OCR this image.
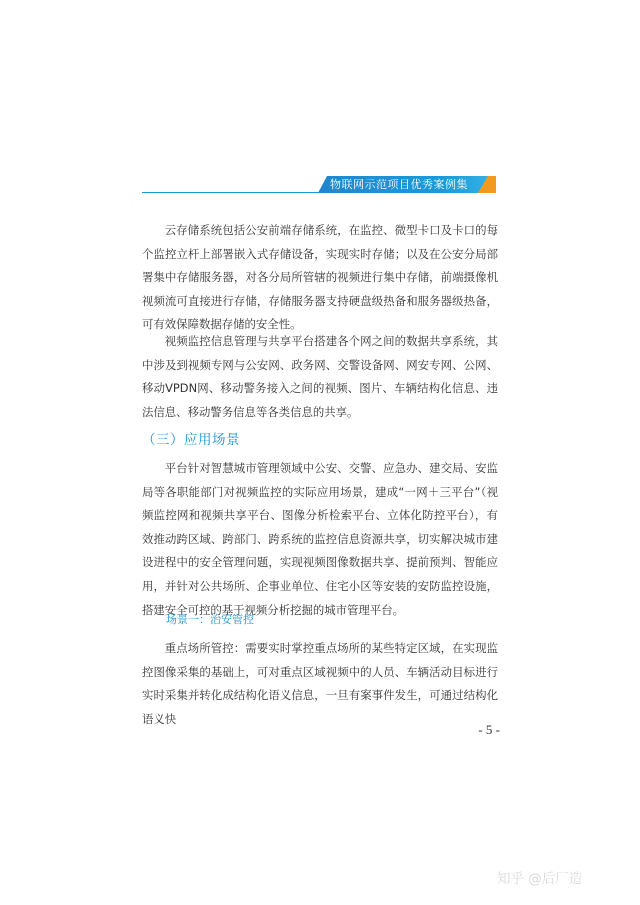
物联网示范项目优秀案例集

云存储系统包括公安前端存储系统，在监控、微型卡口及卡口的每个监控立杆上部署嵌入式存储设备，实现实时存储；以及在公安分局部署集中存储服务器，对各分局所管辖的视频进行集中存储，前端摄像机视频流可直接进行存储，存储服务器支持硬盘级热备和服务器级热备，可有效保障数据存储的安全性。

视频监控信息管理与共享平台搭建各个网之间的数据共享系统，其中涉及到视频专网与公安网、政务网、交警设备网、网安专网、公网、移动VPDN网、移动警务接入之间的视频、图片、车辆结构化信息、违法信息、移动警务信息等各类信息的共享。

（三）应用场景

平台针对智慧城市管理领域中公安、交警、应急办、建交局、安监局等各职能部门对视频监控的实际应用场景，建成“一网＋三平台”（视频监控网和视频共享平台、图像分析检索平台、立体化防控平台），有效推动跨区域、跨部门、跨系统的监控信息资源共享，切实解决城市建设进程中的安全管理问题，实现视频图像数据共享、提前预判、智能应用，并针对公共场所、企事业单位、住宅小区等安装的安防监控设施，搭建安全可控的基于视频分析挖掘的城市管理平台。

场景一：治安管控

重点场所管控：需要实时掌控重点场所的某些特定区域，在实现监控图像采集的基础上，可对重点区域视频中的人员、车辆活动目标进行实时采集并转化成结构化语义信息，一旦有案事件发生，可通过结构化语义快

- 5 -
知乎 @后厂造
